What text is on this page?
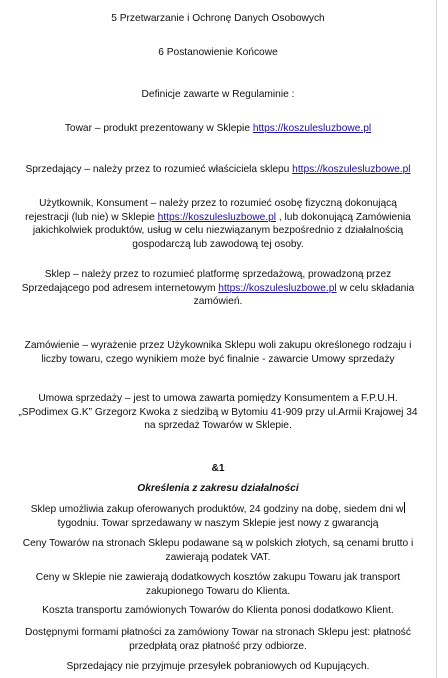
5 Przetwarzanie i Ochronę Danych Osobowych

6 Postanowienie Końcowe

Definicje zawarte w Regulaminie :

Towar – produkt prezentowany w Sklepie https://koszulesluzbowe.pl

Sprzedający – należy przez to rozumieć właściciela sklepu https://koszulesluzbowe.pl

Użytkownik, Konsument – należy przez to rozumieć osobę fizyczną dokonującą rejestracji (lub nie) w Sklepie https://koszulesluzbowe.pl , lub dokonującą Zamówienia jakichkolwiek produktów, usług w celu niezwiązanym bezpośrednio z działalnością gospodarczą lub zawodową tej osoby.

Sklep – należy przez to rozumieć platformę sprzedażową, prowadzoną przez Sprzedającego pod adresem internetowym https://koszulesluzbowe.pl w celu składania zamówień.

Zamówienie – wyrażenie przez Użykownika Sklepu woli zakupu określonego rodzaju i liczby towaru, czego wynikiem może być finalnie - zawarcie Umowy sprzedaży

Umowa sprzedaży – jest to umowa zawarta pomiędzy Konsumentem a F.P.U.H. „SPodimex G.K” Grzegorz Kwoka z siedzibą w Bytomiu 41-909 przy ul.Armii Krajowej 34 na sprzedaż Towarów w Sklepie.

&1

Określenia z zakresu działalności

Sklep umożliwia zakup oferowanych produktów, 24 godziny na dobę, siedem dni w tygodniu. Towar sprzedawany w naszym Sklepie jest nowy z gwarancją

Ceny Towarów na stronach Sklepu podawane są w polskich złotych, są cenami brutto i zawierają podatek VAT.

Ceny w Sklepie nie zawierają dodatkowych kosztów zakupu Towaru jak transport zakupionego Towaru do Klienta.

Koszta transportu zamówionych Towarów do Klienta ponosi dodatkowo Klient.

Dostępnymi formami płatności za zamówiony Towar na stronach Sklepu jest: płatność przedpłatą oraz płatność przy odbiorze.

Sprzedający nie przyjmuje przesyłek pobraniowych od Kupujących.
